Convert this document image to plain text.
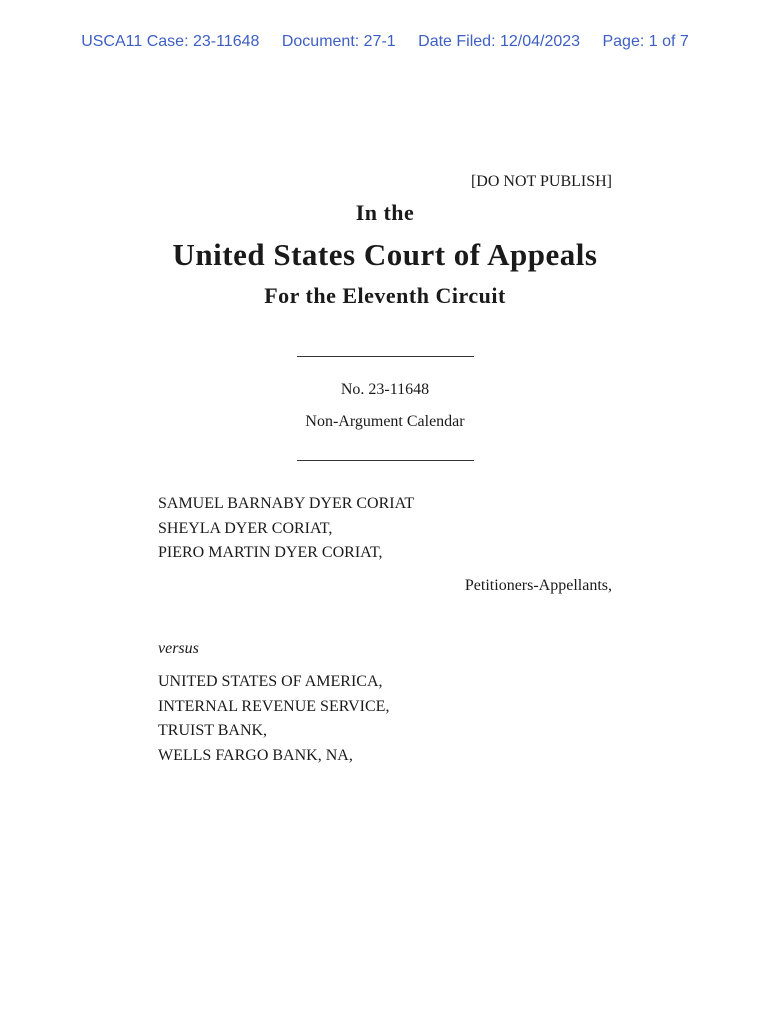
USCA11 Case: 23-11648 Document: 27-1 Date Filed: 12/04/2023 Page: 1 of 7
[DO NOT PUBLISH]
In the
United States Court of Appeals
For the Eleventh Circuit
No. 23-11648
Non-Argument Calendar
SAMUEL BARNABY DYER CORIAT
SHEYLA DYER CORIAT,
PIERO MARTIN DYER CORIAT,
Petitioners-Appellants,
versus
UNITED STATES OF AMERICA,
INTERNAL REVENUE SERVICE,
TRUIST BANK,
WELLS FARGO BANK, NA,
